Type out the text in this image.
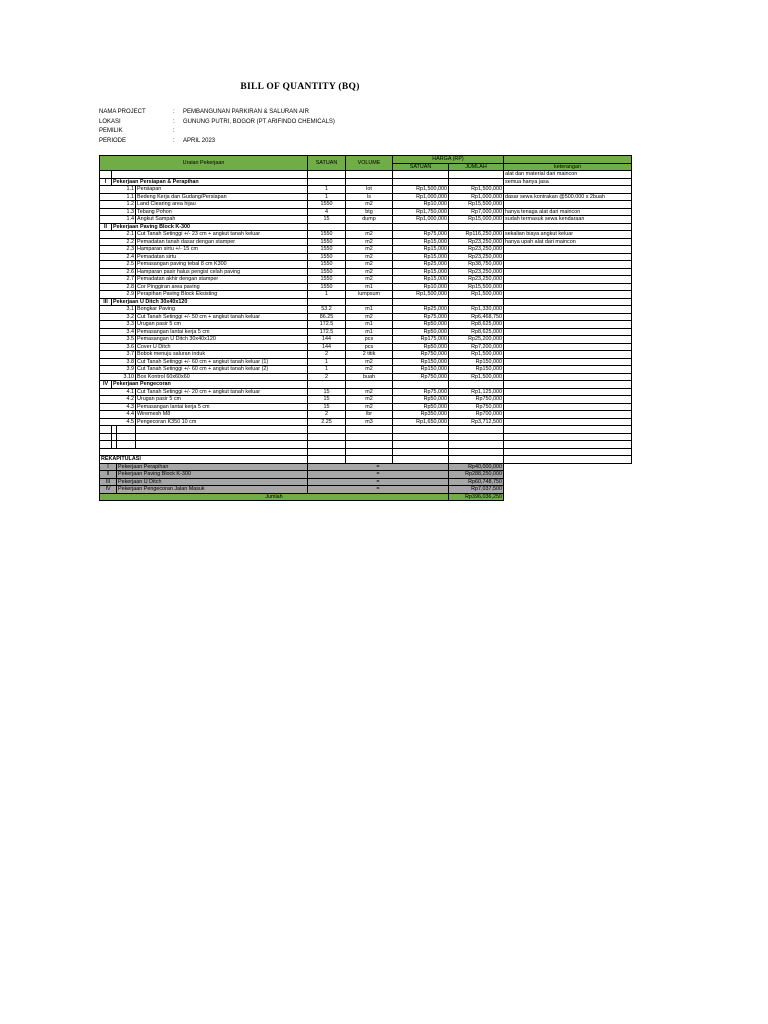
BILL OF QUANTITY (BQ)
NAMA PROJECT	:	PEMBANGUNAN PARKIRAN & SALURAN AIR
LOKASI	:	GUNUNG PUTRI, BOGOR (PT ARIFINDO CHEMICALS)
PEMILIK	:
PERIODE	:	APRIL 2023
Uraian Pekerjaan				SATUAN	VOLUME	HARGA (RP)		
						SATUAN	JUMLAH	keterangan
								alat dan material dari maincon
I	Pekerjaan Persiapan & Perapihan							semua hanya jasa
1.1			Persiapan	1	lot	Rp1,500,000	Rp1,500,000	
1.1			Bedeng Kerja dan Gudang/Persiapan	1	ls	Rp1,000,000	Rp1,000,000	dasar sewa kontrakan @500.000 x 2buah
1.2			Land Clearing area hijau	1550	m2	Rp10,000	Rp15,500,000	
1.3			Tebang Pohon	4	btg	Rp1,750,000	Rp7,000,000	hanya tenaga alat dari maincon
1.4			Angkut Sampah	15	dump	Rp1,000,000	Rp15,000,000	sudah termasuk sewa kendaraan
II	Pekerjaan Paving Block K-300							
2.1			Cut Tanah Setinggi +/- 23 cm + angkut tanah keluar	1550	m2	Rp75,000	Rp116,250,000	sekalian biaya angkut keluar
2.2			Pemadatan tanah dasar dengan stamper	1550	m2	Rp15,000	Rp23,250,000	hanya upah alat dari maincon
2.3			Hamparan sirtu +/- 15 cm	1550	m2	Rp15,000	Rp23,250,000	
2.4			Pemadatan sirtu	1550	m2	Rp15,000	Rp23,250,000	
2.5			Pemasangan paving tebal 8 cm K300	1550	m2	Rp25,000	Rp38,750,000	
2.6			Hamparan pasir halus pengisi celah paving	1550	m2	Rp15,000	Rp23,250,000	
2.7			Pemadatan akhir dengan stamper	1550	m2	Rp15,000	Rp23,250,000	
2.8			Cor Pinggiran area paving	1550	m1	Rp10,000	Rp15,500,000	
2.9			Perapihan Paving Block Eksisting	1	lumpsum	Rp1,500,000	Rp1,500,000	
III	Pekerjaan U Ditch 30x40x120							
3.1			Bongkar Paving	53.2	m1	Rp25,000	Rp1,330,000	
3.2			Cut Tanah Setinggi +/- 50 cm + angkut tanah keluar	86.25	m2	Rp75,000	Rp6,468,750	
3.3			Urugan pasir 5 cm	172.5	m1	Rp50,000	Rp8,625,000	
3.4			Pemasangan lantai kerja 5 cm	172.5	m1	Rp50,000	Rp8,625,000	
3.5			Pemasangan U Ditch 30x40x120	144	pcs	Rp175,000	Rp25,200,000	
3.6			Cover U Ditch	144	pcs	Rp50,000	Rp7,200,000	
3.7			Bobok menuju saluran induk	2	2 titik	Rp750,000	Rp1,500,000	
3.8			Cut Tanah Setinggi +/- 60 cm + angkut tanah keluar (1)	1	m2	Rp150,000	Rp150,000	
3.9			Cut Tanah Setinggi +/- 60 cm + angkut tanah keluar (2)	1	m2	Rp150,000	Rp150,000	
3.10			Box Kontrol 60x60x60	2	buah	Rp750,000	Rp1,500,000	
IV	Pekerjaan Pengecoran							
4.1			Cut Tanah Setinggi +/- 20 cm + angkut tanah keluar	15	m2	Rp75,000	Rp1,125,000	
4.2			Urugan pasir 5 cm	15	m2	Rp50,000	Rp750,000	
4.3			Pemasangan lantai kerja 5 cm	15	m2	Rp50,000	Rp750,000	
4.4			Wiremesh M8	2	lbr	Rp350,000	Rp700,000	
4.5			Pengecoran K350 10 cm	2.25	m3	Rp1,650,000	Rp3,712,500	

REKAPITULASI								
I		Pekerjaan Perapihan		=			Rp40,000,000	
II		Pekerjaan Paving Block K-300		=			Rp288,250,000	
III		Pekerjaan U Ditch		=			Rp60,748,750	
IV		Pekerjaan Pengecoran Jalan Masuk		=			Rp7,037,500	
Jumlah							Rp396,036,250	
